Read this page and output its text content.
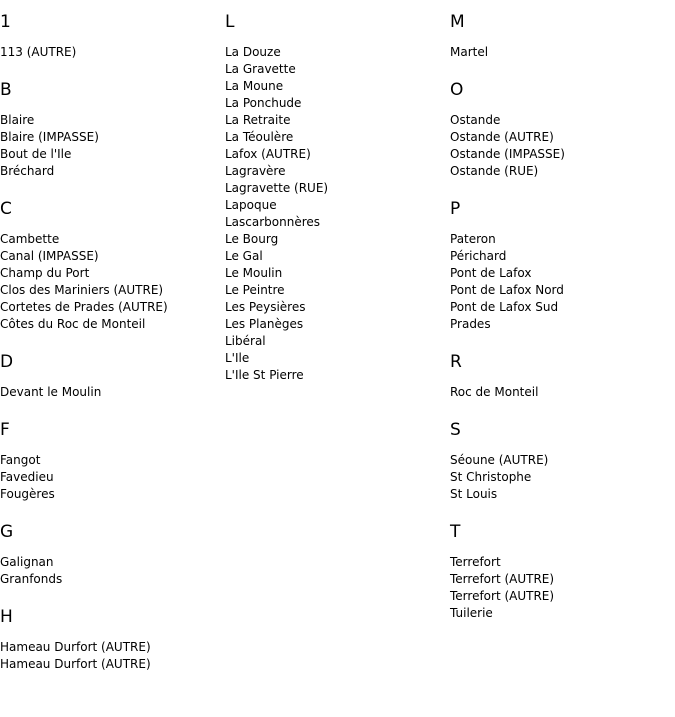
1
113 (AUTRE)
B
Blaire
Blaire (IMPASSE)
Bout de l'Ile
Bréchard
C
Cambette
Canal (IMPASSE)
Champ du Port
Clos des Mariniers (AUTRE)
Cortetes de Prades (AUTRE)
Côtes du Roc de Monteil
D
Devant le Moulin
F
Fangot
Favedieu
Fougères
G
Galignan
Granfonds
H
Hameau Durfort (AUTRE)
Hameau Durfort (AUTRE)
L
La Douze
La Gravette
La Moune
La Ponchude
La Retraite
La Téoulère
Lafox (AUTRE)
Lagravère
Lagravette (RUE)
Lapoque
Lascarbonnères
Le Bourg
Le Gal
Le Moulin
Le Peintre
Les Peysières
Les Planèges
Libéral
L'Ile
L'Ile St Pierre
M
Martel
O
Ostande
Ostande (AUTRE)
Ostande (IMPASSE)
Ostande (RUE)
P
Pateron
Périchard
Pont de Lafox
Pont de Lafox Nord
Pont de Lafox Sud
Prades
R
Roc de Monteil
S
Séoune (AUTRE)
St Christophe
St Louis
T
Terrefort
Terrefort (AUTRE)
Terrefort (AUTRE)
Tuilerie
